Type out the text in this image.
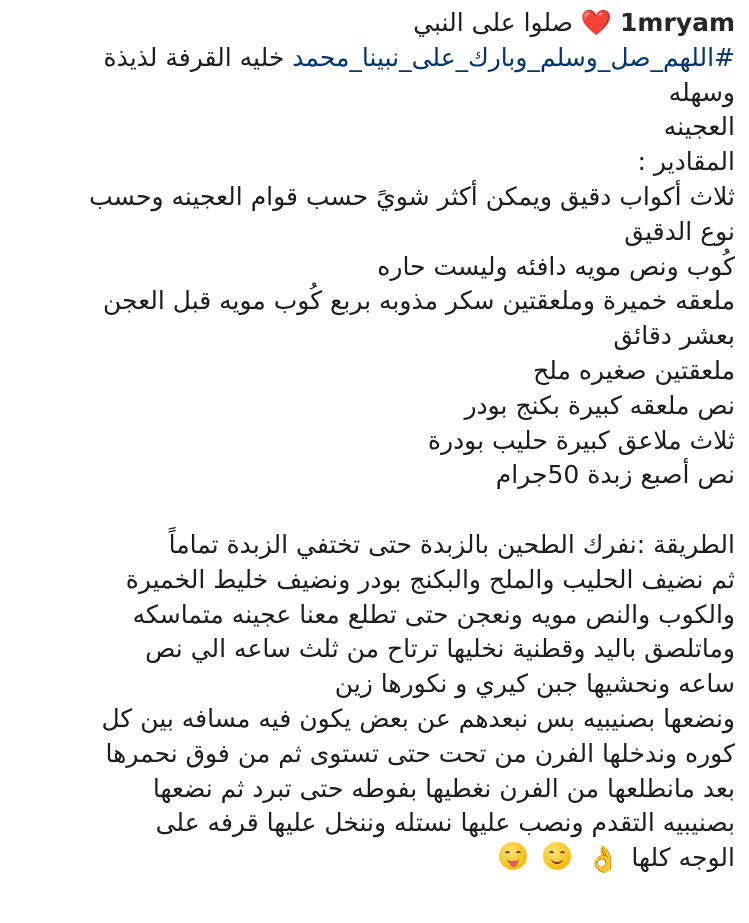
1mryam ❤️ صلوا على النبي
#اللهم_صل_وسلم_وبارك_على_نبينا_محمد خليه القرفة لذيذة
وسهله
العجينه
المقادير :
ثلاث أكواب دقيق ويمكن أكثر شويً حسب قوام العجينه وحسب
نوع الدقيق
كُوب ونص مويه دافئه وليست حاره
ملعقه خميرة وملعقتين سكر مذوبه بربع كُوب مويه قبل العجن
بعشر دقائق
ملعقتين صغيره ملح
نص ملعقه كبيرة بكنج بودر
ثلاث ملاعق كبيرة حليب بودرة
نص أصبع زبدة 50جرام
الطريقة :نفرك الطحين بالزبدة حتى تختفي الزبدة تماماً
ثم نضيف الحليب والملح والبكنج بودر ونضيف خليط الخميرة
والكوب والنص مويه ونعجن حتى تطلع معنا عجينه متماسكه
وماتلصق باليد وقطنية نخليها ترتاح من ثلث ساعه الي نص
ساعه ونحشيها جبن كيري و نكورها زين
ونضعها بصنيبيه بس نبعدهم عن بعض يكون فيه مسافه بين كل
كوره وندخلها الفرن من تحت حتى تستوى ثم من فوق نحمرها
بعد مانطلعها من الفرن نغطيها بفوطه حتى تبرد ثم نضعها
بصنيبيه التقدم ونصب عليها نستله وننخل عليها قرفه على
الوجه كلها 👌
